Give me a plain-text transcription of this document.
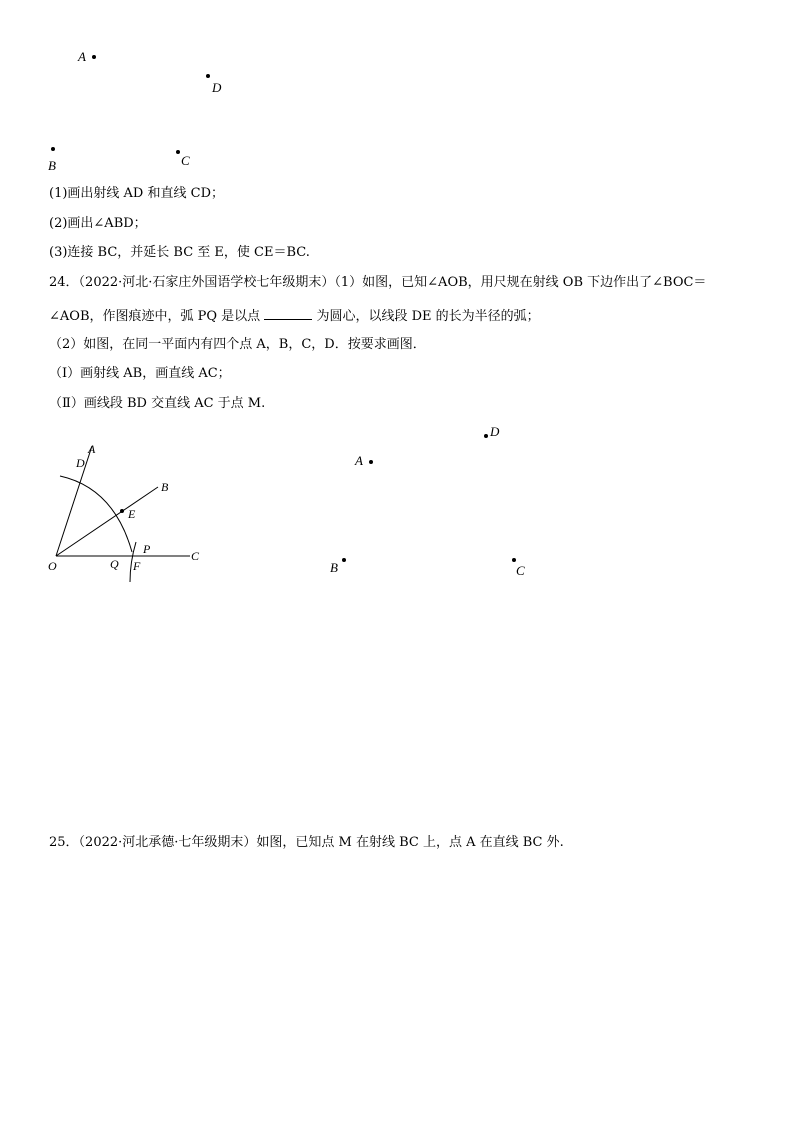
A
D
B	C
(1)画出射线 AD 和直线 CD；
(2)画出∠ABD；
(3)连接 BC，并延长 BC 至 E，使 CE＝BC.
24．（2022·河北·石家庄外国语学校七年级期末）（1）如图，已知∠AOB，用尺规在射线 OB 下边作出了∠BOC＝
∠AOB，作图痕迹中，弧 PQ 是以点	为圆心，以线段 DE 的长为半径的弧；
（2）如图，在同一平面内有四个点 A，B，C，D．按要求画图．
（Ⅰ）画射线 AB，画直线 AC；
（Ⅱ）画线段 BD 交直线 AC 于点 M.
A
D
B
E
P	C
O	Q F
D
A
B	C
25．（2022·河北承德·七年级期末）如图，已知点 M 在射线 BC 上，点 A 在直线 BC 外.
